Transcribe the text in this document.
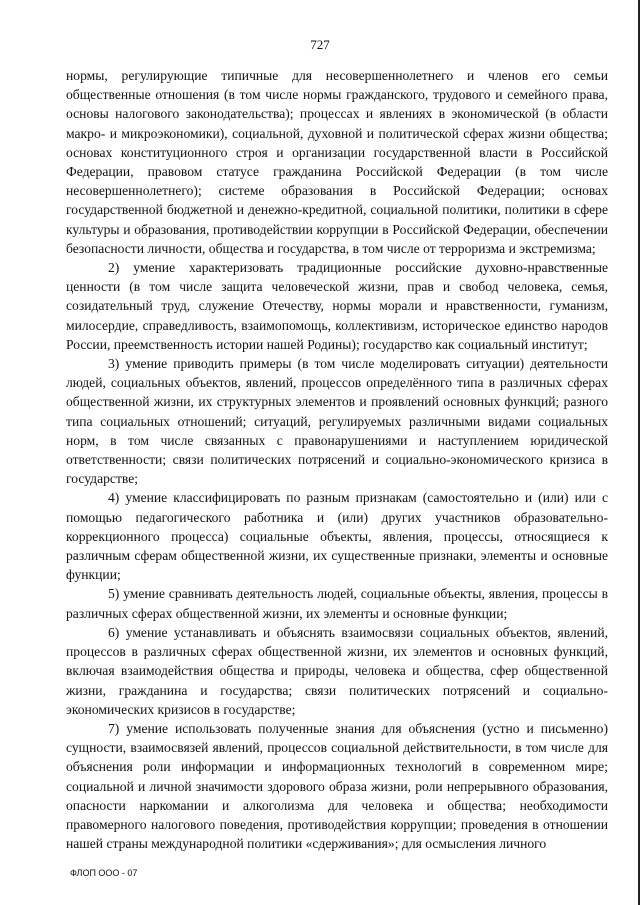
727

нормы, регулирующие типичные для несовершеннолетнего и членов его семьи общественные отношения (в том числе нормы гражданского, трудового и семейного права, основы налогового законодательства); процессах и явлениях в экономической (в области макро- и микроэкономики), социальной, духовной и политической сферах жизни общества; основах конституционного строя и организации государственной власти в Российской Федерации, правовом статусе гражданина Российской Федерации (в том числе несовершеннолетнего); системе образования в Российской Федерации; основах государственной бюджетной и денежно-кредитной, социальной политики, политики в сфере культуры и образования, противодействии коррупции в Российской Федерации, обеспечении безопасности личности, общества и государства, в том числе от терроризма и экстремизма;

2) умение характеризовать традиционные российские духовно-нравственные ценности (в том числе защита человеческой жизни, прав и свобод человека, семья, созидательный труд, служение Отечеству, нормы морали и нравственности, гуманизм, милосердие, справедливость, взаимопомощь, коллективизм, историческое единство народов России, преемственность истории нашей Родины); государство как социальный институт;

3) умение приводить примеры (в том числе моделировать ситуации) деятельности людей, социальных объектов, явлений, процессов определённого типа в различных сферах общественной жизни, их структурных элементов и проявлений основных функций; разного типа социальных отношений; ситуаций, регулируемых различными видами социальных норм, в том числе связанных с правонарушениями и наступлением юридической ответственности; связи политических потрясений и социально-экономического кризиса в государстве;

4) умение классифицировать по разным признакам (самостоятельно и (или) или с помощью педагогического работника и (или) других участников образовательно-коррекционного процесса) социальные объекты, явления, процессы, относящиеся к различным сферам общественной жизни, их существенные признаки, элементы и основные функции;

5) умение сравнивать деятельность людей, социальные объекты, явления, процессы в различных сферах общественной жизни, их элементы и основные функции;

6) умение устанавливать и объяснять взаимосвязи социальных объектов, явлений, процессов в различных сферах общественной жизни, их элементов и основных функций, включая взаимодействия общества и природы, человека и общества, сфер общественной жизни, гражданина и государства; связи политических потрясений и социально-экономических кризисов в государстве;

7) умение использовать полученные знания для объяснения (устно и письменно) сущности, взаимосвязей явлений, процессов социальной действительности, в том числе для объяснения роли информации и информационных технологий в современном мире; социальной и личной значимости здорового образа жизни, роли непрерывного образования, опасности наркомании и алкоголизма для человека и общества; необходимости правомерного налогового поведения, противодействия коррупции; проведения в отношении нашей страны международной политики «сдерживания»; для осмысления личного

ФЛОП ООО - 07
